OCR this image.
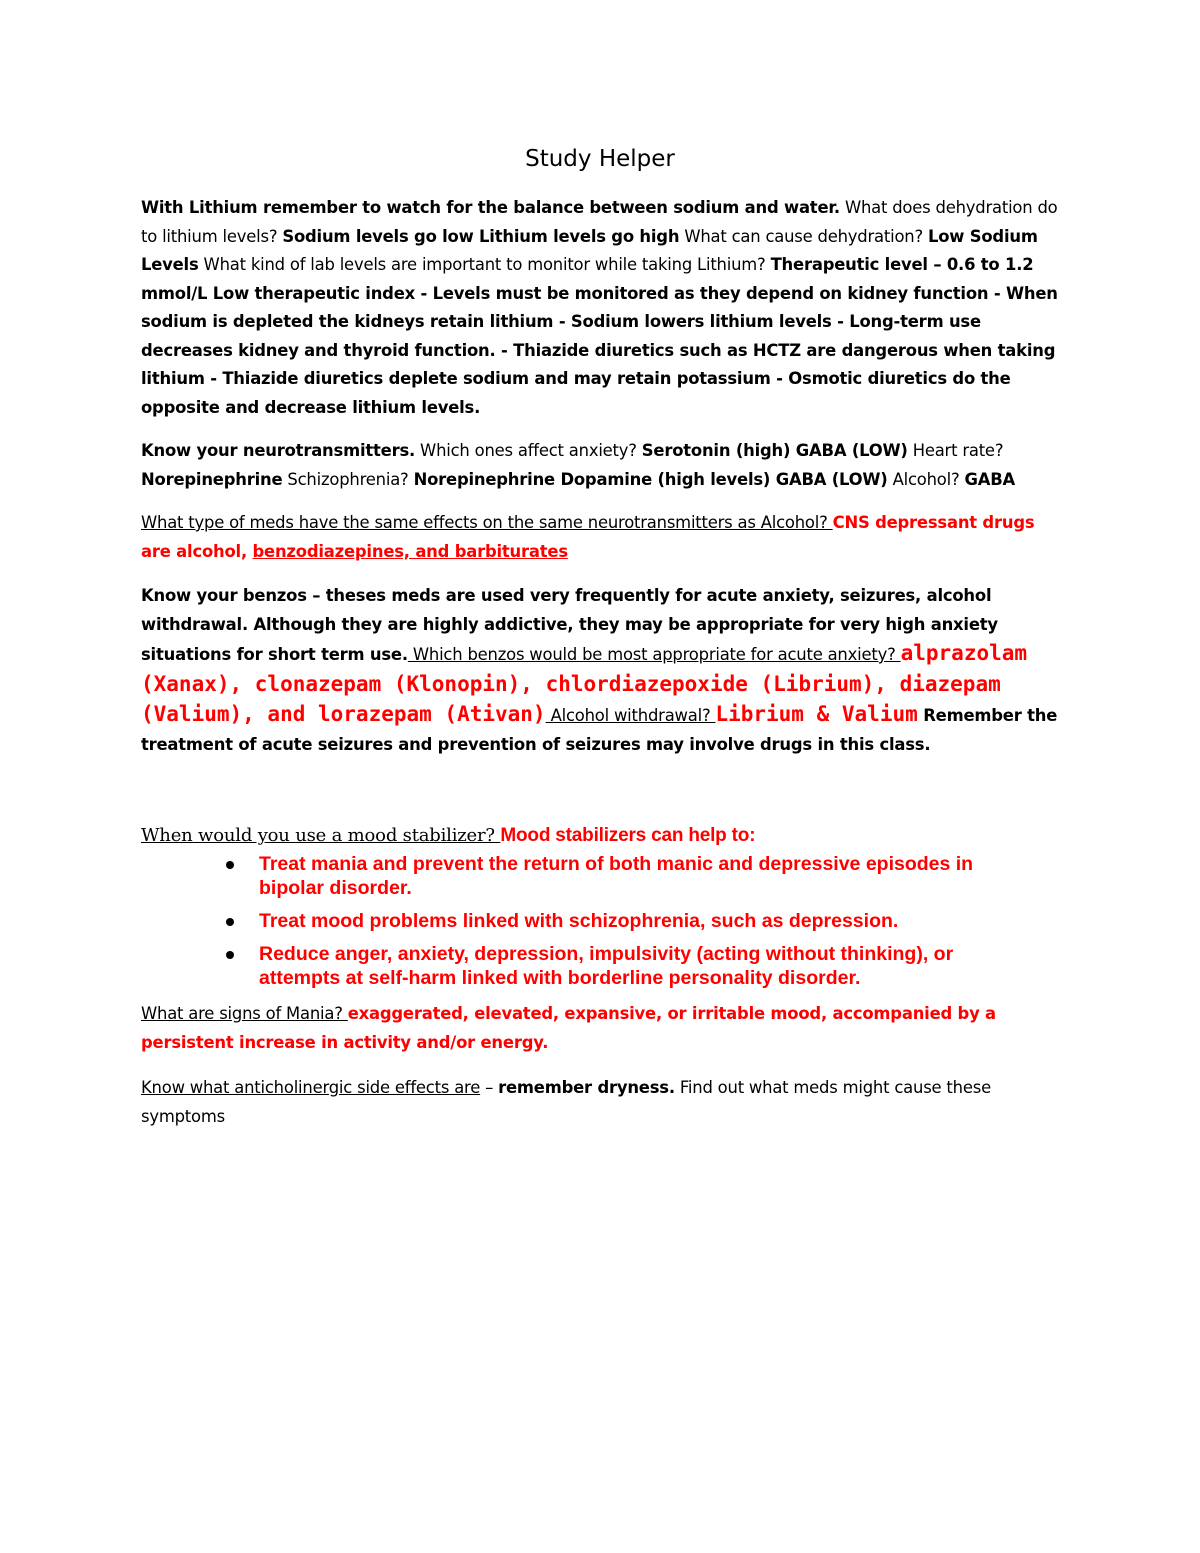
Study Helper
With Lithium remember to watch for the balance between sodium and water. What does dehydration do to lithium levels? Sodium levels go low Lithium levels go high What can cause dehydration? Low Sodium Levels What kind of lab levels are important to monitor while taking Lithium? Therapeutic level – 0.6 to 1.2 mmol/L Low therapeutic index - Levels must be monitored as they depend on kidney function - When sodium is depleted the kidneys retain lithium - Sodium lowers lithium levels - Long-term use decreases kidney and thyroid function. - Thiazide diuretics such as HCTZ are dangerous when taking lithium - Thiazide diuretics deplete sodium and may retain potassium - Osmotic diuretics do the opposite and decrease lithium levels.
Know your neurotransmitters. Which ones affect anxiety? Serotonin (high) GABA (LOW) Heart rate? Norepinephrine Schizophrenia? Norepinephrine Dopamine (high levels) GABA (LOW) Alcohol? GABA
What type of meds have the same effects on the same neurotransmitters as Alcohol? CNS depressant drugs are alcohol, benzodiazepines, and barbiturates
Know your benzos – theses meds are used very frequently for acute anxiety, seizures, alcohol withdrawal. Although they are highly addictive, they may be appropriate for very high anxiety situations for short term use. Which benzos would be most appropriate for acute anxiety? alprazolam (Xanax), clonazepam (Klonopin), chlordiazepoxide (Librium), diazepam (Valium), and lorazepam (Ativan) Alcohol withdrawal? Librium & Valium Remember the treatment of acute seizures and prevention of seizures may involve drugs in this class.
When would you use a mood stabilizer? Mood stabilizers can help to:
Treat mania and prevent the return of both manic and depressive episodes in bipolar disorder.
Treat mood problems linked with schizophrenia, such as depression.
Reduce anger, anxiety, depression, impulsivity (acting without thinking), or attempts at self-harm linked with borderline personality disorder.
What are signs of Mania? exaggerated, elevated, expansive, or irritable mood, accompanied by a persistent increase in activity and/or energy.
Know what anticholinergic side effects are – remember dryness. Find out what meds might cause these symptoms
